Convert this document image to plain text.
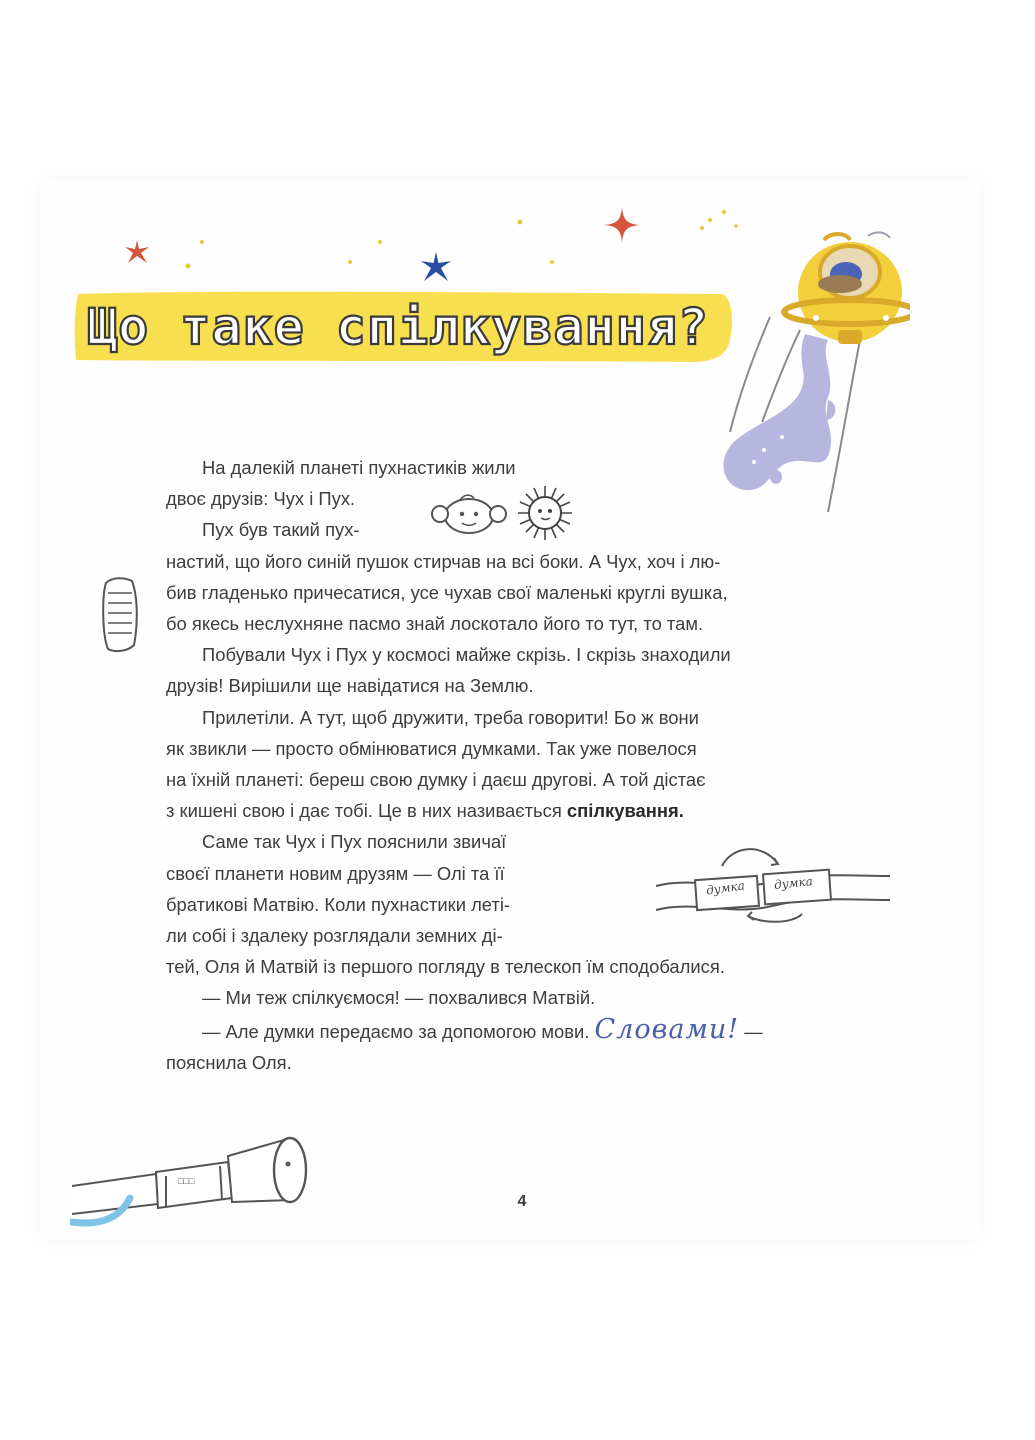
Що таке спілкування?

На далекій планеті пухнастиків жили
двоє друзів: Чух і Пух.

Пух був такий пух-
настий, що його синій пушок стирчав на всі боки. А Чух, хоч і лю-
бив гладенько причесатися, усе чухав свої маленькі круглі вушка,
бо якесь неслухняне пасмо знай лоскотало його то тут, то там.

Побували Чух і Пух у космосі майже скрізь. І скрізь знаходили
друзів! Вирішили ще навідатися на Землю.

Прилетіли. А тут, щоб дружити, треба говорити! Бо ж вони
як звикли — просто обмінюватися думками. Так уже повелося
на їхній планеті: береш свою думку і даєш другові. А той дістає
з кишені свою і дає тобі. Це в них називається спілкування.

Саме так Чух і Пух пояснили звичаї
своєї планети новим друзям — Олі та її
братикові Матвію. Коли пухнастики леті-
ли собі і здалеку розглядали земних ді-
тей, Оля й Матвій із першого погляду в телескоп їм сподобалися.

— Ми теж спілкуємося! — похвалився Матвій.

— Але думки передаємо за допомогою мови. Словами! —
пояснила Оля.

думка думка
□□□
4
